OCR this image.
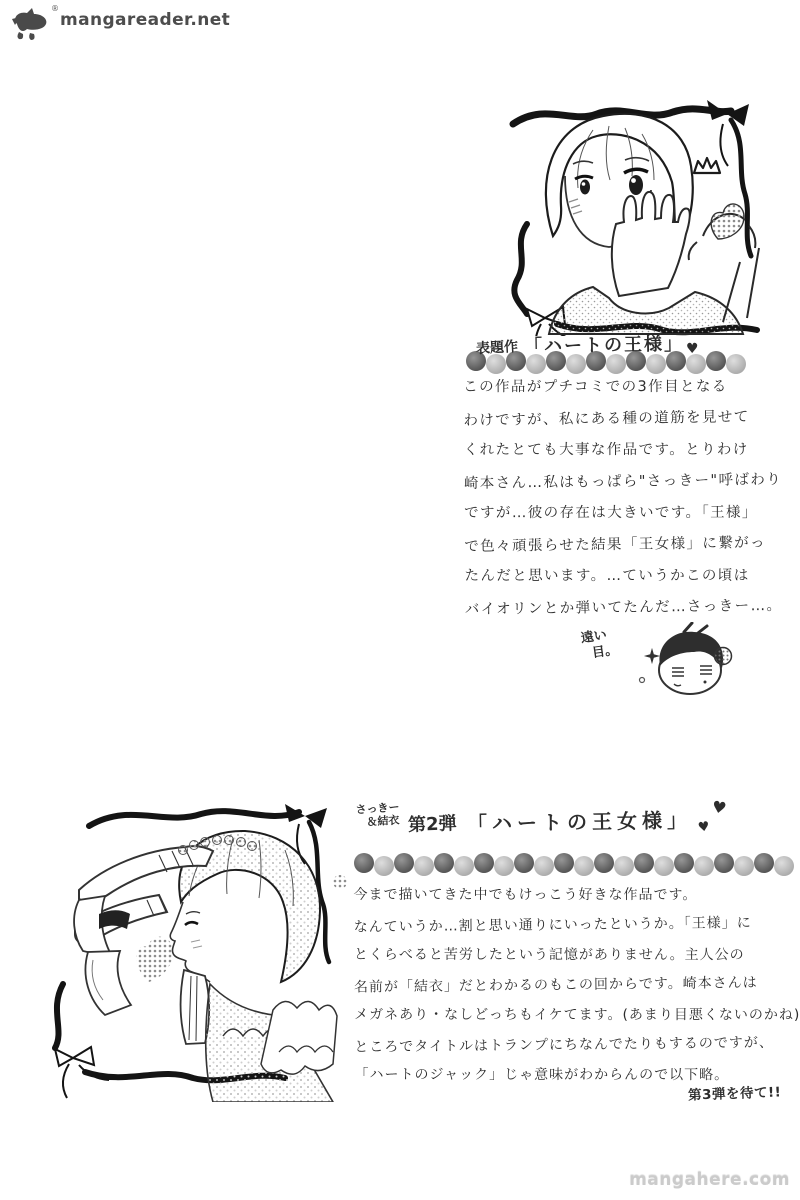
®
mangareader.net
表題作 「ハートの王様」 ♥
この作品がプチコミでの3作目となる
わけですが、私にある種の道筋を見せて
くれたとても大事な作品です。とりわけ
崎本さん…私はもっぱら"さっきー"呼ばわり
ですが…彼の存在は大きいです。「王様」
で色々頑張らせた結果「王女様」に繋がっ
たんだと思います。…ていうかこの頃は
バイオリンとか弾いてたんだ…さっきー…。
遠い
目。
さっきー
＆結衣 第2弾 「ハートの王女様」
♥
♥
今まで描いてきた中でもけっこう好きな作品です。
なんていうか…割と思い通りにいったというか。「王様」に
とくらべると苦労したという記憶がありません。主人公の
名前が「結衣」だとわかるのもこの回からです。崎本さんは
メガネあり・なしどっちもイケてます。(あまり目悪くないのかね)
ところでタイトルはトランプにちなんでたりもするのですが、
「ハートのジャック」じゃ意味がわからんので以下略。
第3弾を待て!!
mangahere.com
